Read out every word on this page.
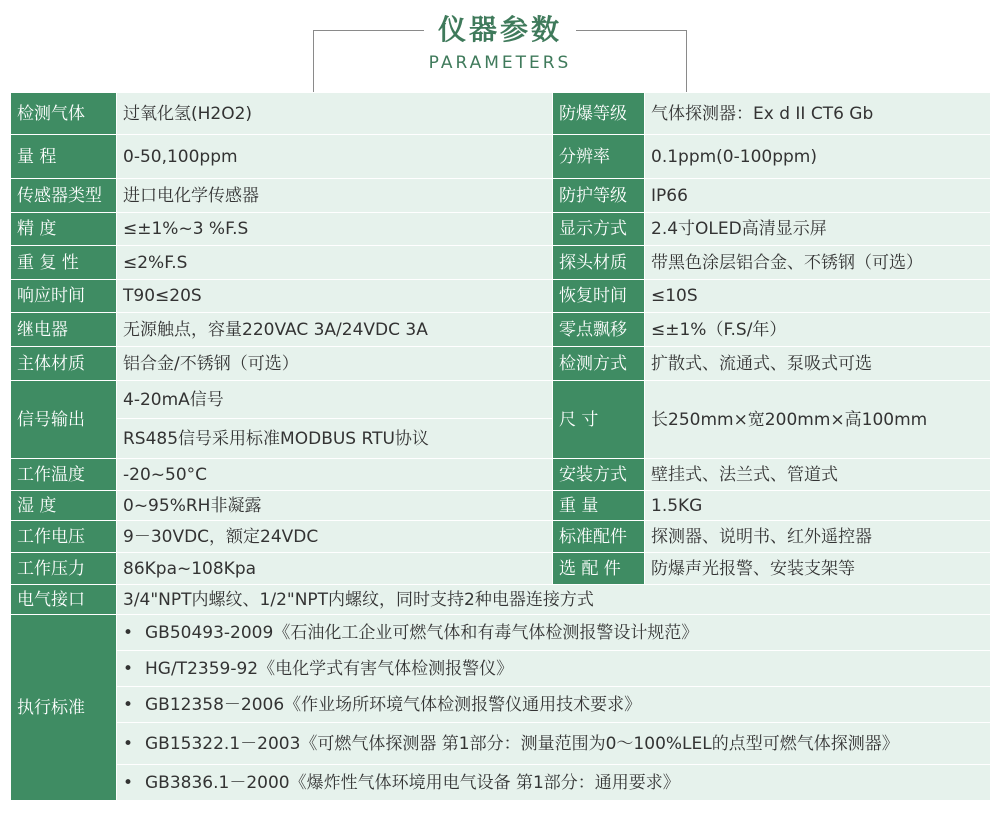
仪器参数
PARAMETERS
检测气体	过氧化氢(H2O2)	防爆等级	气体探测器：Ex d II CT6 Gb
量 程	0-50,100ppm	分辨率	0.1ppm(0-100ppm)
传感器类型	进口电化学传感器	防护等级	IP66
精 度	≤±1%~3 %F.S	显示方式	2.4寸OLED高清显示屏
重 复 性	≤2%F.S	探头材质	带黑色涂层铝合金、不锈钢（可选）
响应时间	T90≤20S	恢复时间	≤10S
继电器	无源触点，容量220VAC 3A/24VDC 3A	零点飘移	≤±1%（F.S/年）
主体材质	铝合金/不锈钢（可选）	检测方式	扩散式、流通式、泵吸式可选
信号输出	4-20mA信号	尺 寸	长250mm×宽200mm×高100mm
	RS485信号采用标准MODBUS RTU协议		
工作温度	-20~50°C	安装方式	壁挂式、法兰式、管道式
湿 度	0~95%RH非凝露	重 量	1.5KG
工作电压	9－30VDC，额定24VDC	标准配件	探测器、说明书、红外遥控器
工作压力	86Kpa~108Kpa	选 配 件	防爆声光报警、安装支架等
电气接口	3/4"NPT内螺纹、1/2"NPT内螺纹，同时支持2种电器连接方式		
执行标准	• GB50493-2009《石油化工企业可燃气体和有毒气体检测报警设计规范》		
	• HG/T2359-92《电化学式有害气体检测报警仪》		
	• GB12358－2006《作业场所环境气体检测报警仪通用技术要求》		
	• GB15322.1－2003《可燃气体探测器 第1部分：测量范围为0～100%LEL的点型可燃气体探测器》		
	• GB3836.1－2000《爆炸性气体环境用电气设备 第1部分：通用要求》		
